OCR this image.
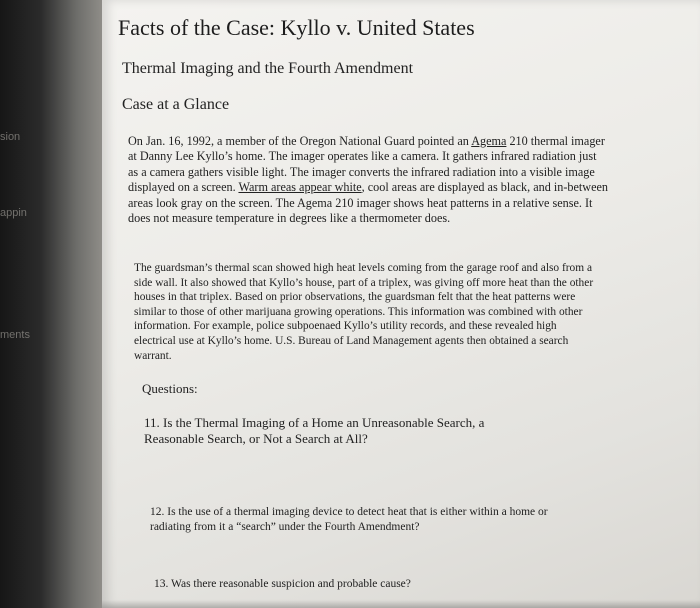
sion
appin
ments
Facts of the Case: Kyllo v. United States
Thermal Imaging and the Fourth Amendment
Case at a Glance

On Jan. 16, 1992, a member of the Oregon National Guard pointed an Agema 210 thermal imager at Danny Lee Kyllo’s home. The imager operates like a camera. It gathers infrared radiation just as a camera gathers visible light. The imager converts the infrared radiation into a visible image displayed on a screen. Warm areas appear white, cool areas are displayed as black, and in-between areas look gray on the screen. The Agema 210 imager shows heat patterns in a relative sense. It does not measure temperature in degrees like a thermometer does.

The guardsman’s thermal scan showed high heat levels coming from the garage roof and also from a side wall. It also showed that Kyllo’s house, part of a triplex, was giving off more heat than the other houses in that triplex. Based on prior observations, the guardsman felt that the heat patterns were similar to those of other marijuana growing operations. This information was combined with other information. For example, police subpoenaed Kyllo’s utility records, and these revealed high electrical use at Kyllo’s home. U.S. Bureau of Land Management agents then obtained a search warrant.

Questions:

11. Is the Thermal Imaging of a Home an Unreasonable Search, a Reasonable Search, or Not a Search at All?

12. Is the use of a thermal imaging device to detect heat that is either within a home or radiating from it a “search” under the Fourth Amendment?

13. Was there reasonable suspicion and probable cause?
